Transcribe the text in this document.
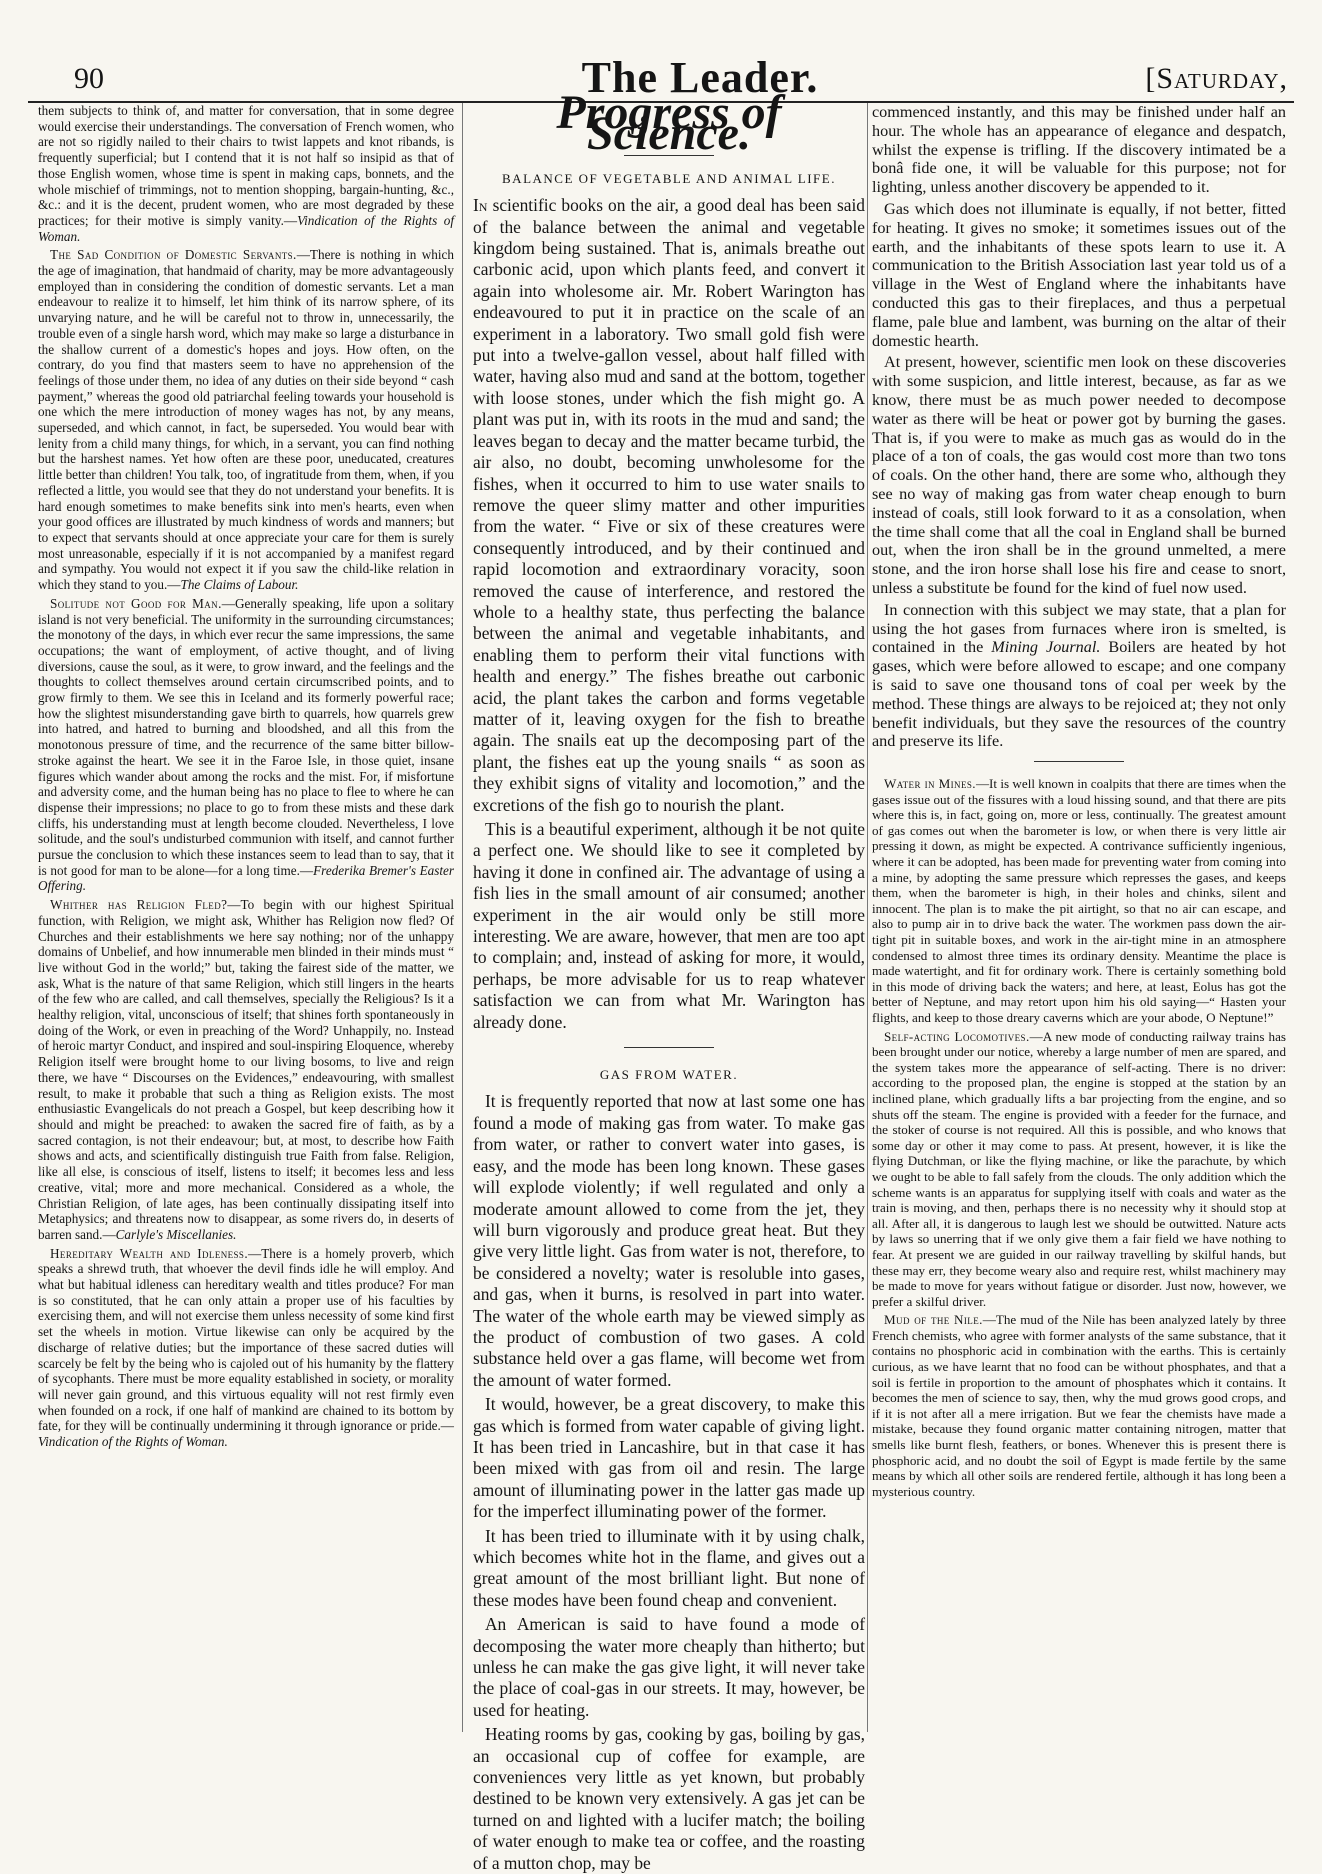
90	The Leader.	[Saturday,

them subjects to think of, and matter for conversation, that in some degree would exercise their understandings. The conversation of French women, who are not so rigidly nailed to their chairs to twist lappets and knot ribands, is frequently superficial; but I contend that it is not half so insipid as that of those English women, whose time is spent in making caps, bonnets, and the whole mischief of trimmings, not to mention shopping, bargain-hunting, &c., &c.: and it is the decent, prudent women, who are most degraded by these practices; for their motive is simply vanity.—Vindication of the Rights of Woman.

The Sad Condition of Domestic Servants.—There is nothing in which the age of imagination, that handmaid of charity, may be more advantageously employed than in considering the condition of domestic servants. Let a man endeavour to realize it to himself, let him think of its narrow sphere, of its unvarying nature, and he will be careful not to throw in, unnecessarily, the trouble even of a single harsh word, which may make so large a disturbance in the shallow current of a domestic's hopes and joys. How often, on the contrary, do you find that masters seem to have no apprehension of the feelings of those under them, no idea of any duties on their side beyond “ cash payment,” whereas the good old patriarchal feeling towards your household is one which the mere introduction of money wages has not, by any means, superseded, and which cannot, in fact, be superseded. You would bear with lenity from a child many things, for which, in a servant, you can find nothing but the harshest names. Yet how often are these poor, uneducated, creatures little better than children! You talk, too, of ingratitude from them, when, if you reflected a little, you would see that they do not understand your benefits. It is hard enough sometimes to make benefits sink into men's hearts, even when your good offices are illustrated by much kindness of words and manners; but to expect that servants should at once appreciate your care for them is surely most unreasonable, especially if it is not accompanied by a manifest regard and sympathy. You would not expect it if you saw the child-like relation in which they stand to you.—The Claims of Labour.

Solitude not Good for Man.—Generally speaking, life upon a solitary island is not very beneficial. The uniformity in the surrounding circumstances; the monotony of the days, in which ever recur the same impressions, the same occupations; the want of employment, of active thought, and of living diversions, cause the soul, as it were, to grow inward, and the feelings and the thoughts to collect themselves around certain circumscribed points, and to grow firmly to them. We see this in Iceland and its formerly powerful race; how the slightest misunderstanding gave birth to quarrels, how quarrels grew into hatred, and hatred to burning and bloodshed, and all this from the monotonous pressure of time, and the recurrence of the same bitter billow-stroke against the heart. We see it in the Faroe Isle, in those quiet, insane figures which wander about among the rocks and the mist. For, if misfortune and adversity come, and the human being has no place to flee to where he can dispense their impressions; no place to go to from these mists and these dark cliffs, his understanding must at length become clouded. Nevertheless, I love solitude, and the soul's undisturbed communion with itself, and cannot further pursue the conclusion to which these instances seem to lead than to say, that it is not good for man to be alone—for a long time.—Frederika Bremer's Easter Offering.

Whither has Religion Fled?—To begin with our highest Spiritual function, with Religion, we might ask, Whither has Religion now fled? Of Churches and their establishments we here say nothing; nor of the unhappy domains of Unbelief, and how innumerable men blinded in their minds must “ live without God in the world;” but, taking the fairest side of the matter, we ask, What is the nature of that same Religion, which still lingers in the hearts of the few who are called, and call themselves, specially the Religious? Is it a healthy religion, vital, unconscious of itself; that shines forth spontaneously in doing of the Work, or even in preaching of the Word? Unhappily, no. Instead of heroic martyr Conduct, and inspired and soul-inspiring Eloquence, whereby Religion itself were brought home to our living bosoms, to live and reign there, we have “ Discourses on the Evidences,” endeavouring, with smallest result, to make it probable that such a thing as Religion exists. The most enthusiastic Evangelicals do not preach a Gospel, but keep describing how it should and might be preached: to awaken the sacred fire of faith, as by a sacred contagion, is not their endeavour; but, at most, to describe how Faith shows and acts, and scientifically distinguish true Faith from false. Religion, like all else, is conscious of itself, listens to itself; it becomes less and less creative, vital; more and more mechanical. Considered as a whole, the Christian Religion, of late ages, has been continually dissipating itself into Metaphysics; and threatens now to disappear, as some rivers do, in deserts of barren sand.—Carlyle's Miscellanies.

Hereditary Wealth and Idleness.—There is a homely proverb, which speaks a shrewd truth, that whoever the devil finds idle he will employ. And what but habitual idleness can hereditary wealth and titles produce? For man is so constituted, that he can only attain a proper use of his faculties by exercising them, and will not exercise them unless necessity of some kind first set the wheels in motion. Virtue likewise can only be acquired by the discharge of relative duties; but the importance of these sacred duties will scarcely be felt by the being who is cajoled out of his humanity by the flattery of sycophants. There must be more equality established in society, or morality will never gain ground, and this virtuous equality will not rest firmly even when founded on a rock, if one half of mankind are chained to its bottom by fate, for they will be continually undermining it through ignorance or pride.—Vindication of the Rights of Woman.

Progress of Science.
BALANCE OF VEGETABLE AND ANIMAL LIFE.

In scientific books on the air, a good deal has been said of the balance between the animal and vegetable kingdom being sustained. That is, animals breathe out carbonic acid, upon which plants feed, and convert it again into wholesome air. Mr. Robert Warington has endeavoured to put it in practice on the scale of an experiment in a laboratory. Two small gold fish were put into a twelve-gallon vessel, about half filled with water, having also mud and sand at the bottom, together with loose stones, under which the fish might go. A plant was put in, with its roots in the mud and sand; the leaves began to decay and the matter became turbid, the air also, no doubt, becoming unwholesome for the fishes, when it occurred to him to use water snails to remove the queer slimy matter and other impurities from the water. “ Five or six of these creatures were consequently introduced, and by their continued and rapid locomotion and extraordinary voracity, soon removed the cause of interference, and restored the whole to a healthy state, thus perfecting the balance between the animal and vegetable inhabitants, and enabling them to perform their vital functions with health and energy.” The fishes breathe out carbonic acid, the plant takes the carbon and forms vegetable matter of it, leaving oxygen for the fish to breathe again. The snails eat up the decomposing part of the plant, the fishes eat up the young snails “ as soon as they exhibit signs of vitality and locomotion,” and the excretions of the fish go to nourish the plant.

This is a beautiful experiment, although it be not quite a perfect one. We should like to see it completed by having it done in confined air. The advantage of using a fish lies in the small amount of air consumed; another experiment in the air would only be still more interesting. We are aware, however, that men are too apt to complain; and, instead of asking for more, it would, perhaps, be more advisable for us to reap whatever satisfaction we can from what Mr. Warington has already done.

GAS FROM WATER.

It is frequently reported that now at last some one has found a mode of making gas from water. To make gas from water, or rather to convert water into gases, is easy, and the mode has been long known. These gases will explode violently; if well regulated and only a moderate amount allowed to come from the jet, they will burn vigorously and produce great heat. But they give very little light. Gas from water is not, therefore, to be considered a novelty; water is resoluble into gases, and gas, when it burns, is resolved in part into water. The water of the whole earth may be viewed simply as the product of combustion of two gases. A cold substance held over a gas flame, will become wet from the amount of water formed.

It would, however, be a great discovery, to make this gas which is formed from water capable of giving light. It has been tried in Lancashire, but in that case it has been mixed with gas from oil and resin. The large amount of illuminating power in the latter gas made up for the imperfect illuminating power of the former.

It has been tried to illuminate with it by using chalk, which becomes white hot in the flame, and gives out a great amount of the most brilliant light. But none of these modes have been found cheap and convenient.

An American is said to have found a mode of decomposing the water more cheaply than hitherto; but unless he can make the gas give light, it will never take the place of coal-gas in our streets. It may, however, be used for heating.

Heating rooms by gas, cooking by gas, boiling by gas, an occasional cup of coffee for example, are conveniences very little as yet known, but probably destined to be known very extensively. A gas jet can be turned on and lighted with a lucifer match; the boiling of water enough to make tea or coffee, and the roasting of a mutton chop, may be

commenced instantly, and this may be finished under half an hour. The whole has an appearance of elegance and despatch, whilst the expense is trifling. If the discovery intimated be a bonâ fide one, it will be valuable for this purpose; not for lighting, unless another discovery be appended to it.

Gas which does not illuminate is equally, if not better, fitted for heating. It gives no smoke; it sometimes issues out of the earth, and the inhabitants of these spots learn to use it. A communication to the British Association last year told us of a village in the West of England where the inhabitants have conducted this gas to their fireplaces, and thus a perpetual flame, pale blue and lambent, was burning on the altar of their domestic hearth.

At present, however, scientific men look on these discoveries with some suspicion, and little interest, because, as far as we know, there must be as much power needed to decompose water as there will be heat or power got by burning the gases. That is, if you were to make as much gas as would do in the place of a ton of coals, the gas would cost more than two tons of coals. On the other hand, there are some who, although they see no way of making gas from water cheap enough to burn instead of coals, still look forward to it as a consolation, when the time shall come that all the coal in England shall be burned out, when the iron shall be in the ground unmelted, a mere stone, and the iron horse shall lose his fire and cease to snort, unless a substitute be found for the kind of fuel now used.

In connection with this subject we may state, that a plan for using the hot gases from furnaces where iron is smelted, is contained in the Mining Journal. Boilers are heated by hot gases, which were before allowed to escape; and one company is said to save one thousand tons of coal per week by the method. These things are always to be rejoiced at; they not only benefit individuals, but they save the resources of the country and preserve its life.

Water in Mines.—It is well known in coalpits that there are times when the gases issue out of the fissures with a loud hissing sound, and that there are pits where this is, in fact, going on, more or less, continually. The greatest amount of gas comes out when the barometer is low, or when there is very little air pressing it down, as might be expected. A contrivance sufficiently ingenious, where it can be adopted, has been made for preventing water from coming into a mine, by adopting the same pressure which represses the gases, and keeps them, when the barometer is high, in their holes and chinks, silent and innocent. The plan is to make the pit airtight, so that no air can escape, and also to pump air in to drive back the water. The workmen pass down the air-tight pit in suitable boxes, and work in the air-tight mine in an atmosphere condensed to almost three times its ordinary density. Meantime the place is made watertight, and fit for ordinary work. There is certainly something bold in this mode of driving back the waters; and here, at least, Eolus has got the better of Neptune, and may retort upon him his old saying—“ Hasten your flights, and keep to those dreary caverns which are your abode, O Neptune!”

Self-acting Locomotives.—A new mode of conducting railway trains has been brought under our notice, whereby a large number of men are spared, and the system takes more the appearance of self-acting. There is no driver: according to the proposed plan, the engine is stopped at the station by an inclined plane, which gradually lifts a bar projecting from the engine, and so shuts off the steam. The engine is provided with a feeder for the furnace, and the stoker of course is not required. All this is possible, and who knows that some day or other it may come to pass. At present, however, it is like the flying Dutchman, or like the flying machine, or like the parachute, by which we ought to be able to fall safely from the clouds. The only addition which the scheme wants is an apparatus for supplying itself with coals and water as the train is moving, and then, perhaps there is no necessity why it should stop at all. After all, it is dangerous to laugh lest we should be outwitted. Nature acts by laws so unerring that if we only give them a fair field we have nothing to fear. At present we are guided in our railway travelling by skilful hands, but these may err, they become weary also and require rest, whilst machinery may be made to move for years without fatigue or disorder. Just now, however, we prefer a skilful driver.

Mud of the Nile.—The mud of the Nile has been analyzed lately by three French chemists, who agree with former analysts of the same substance, that it contains no phosphoric acid in combination with the earths. This is certainly curious, as we have learnt that no food can be without phosphates, and that a soil is fertile in proportion to the amount of phosphates which it contains. It becomes the men of science to say, then, why the mud grows good crops, and if it is not after all a mere irrigation. But we fear the chemists have made a mistake, because they found organic matter containing nitrogen, matter that smells like burnt flesh, feathers, or bones. Whenever this is present there is phosphoric acid, and no doubt the soil of Egypt is made fertile by the same means by which all other soils are rendered fertile, although it has long been a mysterious country.
